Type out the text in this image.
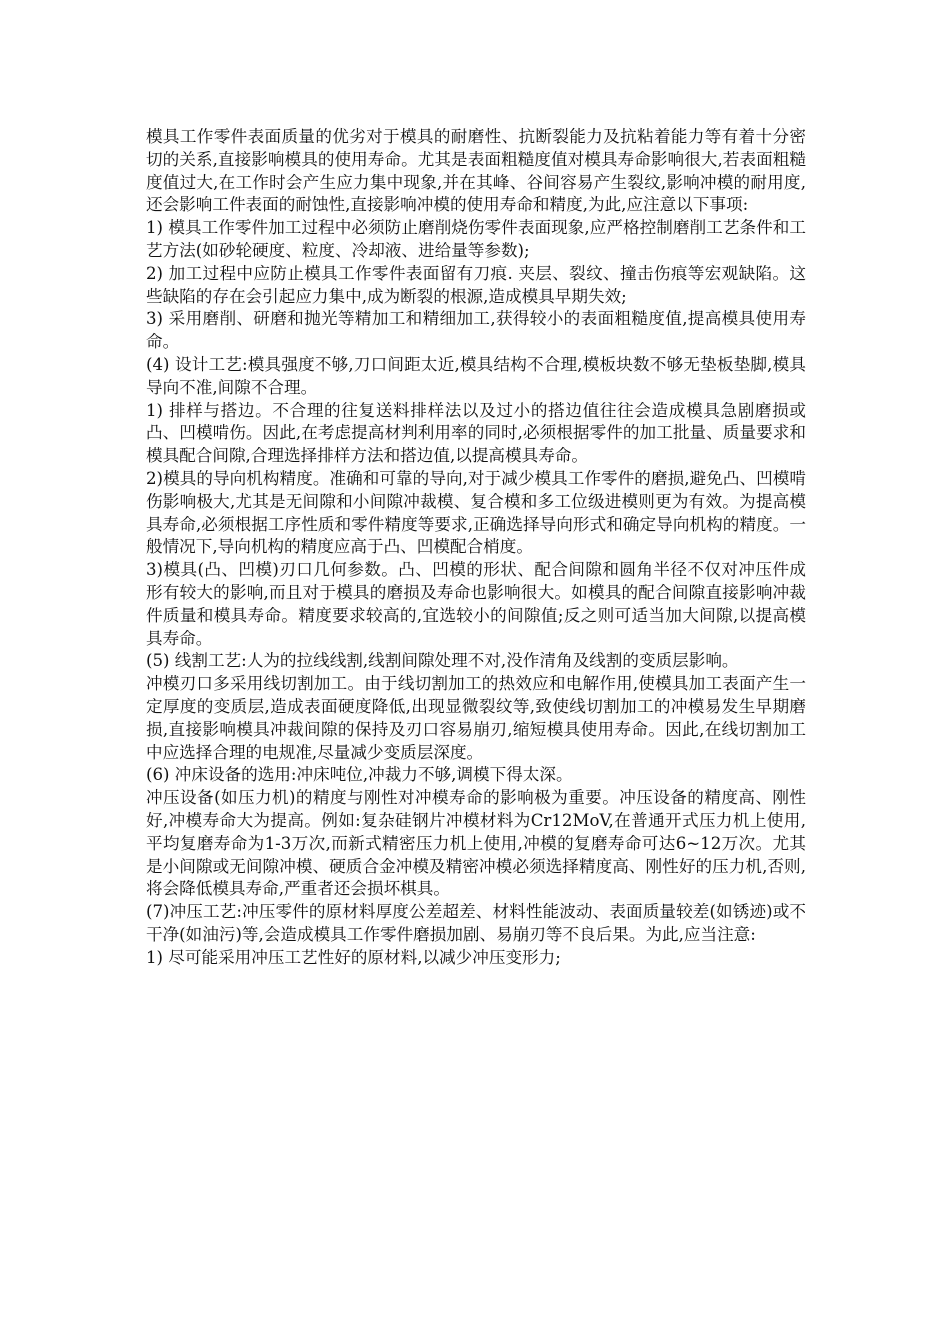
模具工作零件表面质量的优劣对于模具的耐磨性、抗断裂能力及抗粘着能力等有着十分密切的关系,直接影响模具的使用寿命。尤其是表面粗糙度值对模具寿命影响很大,若表面粗糙度值过大,在工作时会产生应力集中现象,并在其峰、谷间容易产生裂纹,影响冲模的耐用度,还会影响工件表面的耐蚀性,直接影响冲模的使用寿命和精度,为此,应注意以下事项:

1) 模具工作零件加工过程中必须防止磨削烧伤零件表面现象,应严格控制磨削工艺条件和工艺方法(如砂轮硬度、粒度、冷却液、进给量等参数);

2) 加工过程中应防止模具工作零件表面留有刀痕. 夹层、裂纹、撞击伤痕等宏观缺陷。这些缺陷的存在会引起应力集中,成为断裂的根源,造成模具早期失效;

3) 采用磨削、研磨和抛光等精加工和精细加工,获得较小的表面粗糙度值,提高模具使用寿命。

(4) 设计工艺:模具强度不够,刀口间距太近,模具结构不合理,模板块数不够无垫板垫脚,模具导向不准,间隙不合理。

1) 排样与搭边。不合理的往复送料排样法以及过小的搭边值往往会造成模具急剧磨损或凸、凹模啃伤。因此,在考虑提高材判利用率的同时,必须根据零件的加工批量、质量要求和模具配合间隙,合理选择排样方法和搭边值,以提高模具寿命。

2)模具的导向机构精度。准确和可靠的导向,对于减少模具工作零件的磨损,避免凸、凹模啃伤影响极大,尤其是无间隙和小间隙冲裁模、复合模和多工位级进模则更为有效。为提高模具寿命,必须根据工序性质和零件精度等要求,正确选择导向形式和确定导向机构的精度。一般情况下,导向机构的精度应高于凸、凹模配合梢度。

3)模具(凸、凹模)刃口几何参数。凸、凹模的形状、配合间隙和圆角半径不仅对冲压件成形有较大的影响,而且对于模具的磨损及寿命也影响很大。如模具的配合间隙直接影响冲裁件质量和模具寿命。精度要求较高的,宜选较小的间隙值;反之则可适当加大间隙,以提高模具寿命。

(5) 线割工艺:人为的拉线线割,线割间隙处理不对,没作清角及线割的变质层影响。

冲模刃口多采用线切割加工。由于线切割加工的热效应和电解作用,使模具加工表面产生一定厚度的变质层,造成表面硬度降低,出现显微裂纹等,致使线切割加工的冲模易发生早期磨损,直接影响模具冲裁间隙的保持及刃口容易崩刃,缩短模具使用寿命。因此,在线切割加工中应选择合理的电规准,尽量减少变质层深度。

(6) 冲床设备的选用:冲床吨位,冲裁力不够,调模下得太深。

冲压设备(如压力机)的精度与刚性对冲模寿命的影响极为重要。冲压设备的精度高、刚性好,冲模寿命大为提高。例如:复杂硅钢片冲模材料为Cr12MoV,在普通开式压力机上使用,平均复磨寿命为1-3万次,而新式精密压力机上使用,冲模的复磨寿命可达6~12万次。尤其是小间隙或无间隙冲模、硬质合金冲模及精密冲模必须选择精度高、刚性好的压力机,否则,将会降低模具寿命,严重者还会损坏棋具。

(7)冲压工艺:冲压零件的原材料厚度公差超差、材料性能波动、表面质量较差(如锈迹)或不干净(如油污)等,会造成模具工作零件磨损加剧、易崩刃等不良后果。为此,应当注意:

1) 尽可能采用冲压工艺性好的原材料,以减少冲压变形力;
